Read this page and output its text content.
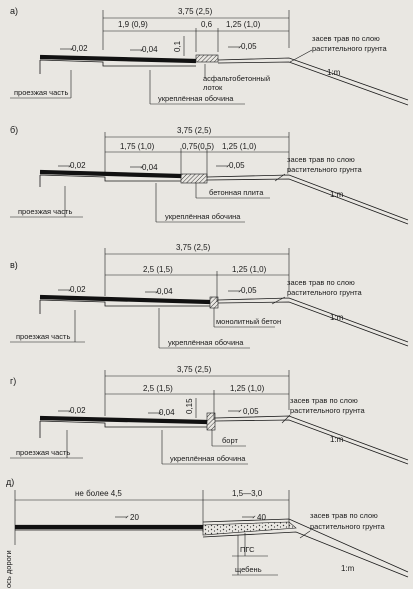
а)	3,75 (2,5)
1,9 (0,9)	0,6 1,25 (1,0)
0,1
0,02	0,04	0,05
1:m
засев трав по слою
растительного грунта
асфальтобетонный
лоток
проезжая часть
укреплённая обочина
б)	3,75 (2,5)
1,75 (1,0)	0,75(0,5) 1,25 (1,0)
0,02	0,04	0,05
1:m
засев трав по слою
растительного грунта
бетонная плита
проезжая часть
укреплённая обочина
в)
3,75 (2,5)
2,5 (1,5)	1,25 (1,0)
0,02	0,04	0,05
1:m
засев трав по слою
растительного грунта
монолитный бетон
проезжая часть
укреплённая обочина
г)
3,75 (2,5)
2,5 (1,5)	1,25 (1,0)
0,15
0,02	0,04	0,05
1:m
засев трав по слою
растительного грунта
борт
проезжая часть
укреплённая обочина
д)
не более 4,5	1,5—3,0
ось дороги
20	40
1:m
засев трав по слою
растительного грунта
ПГС
щебень
